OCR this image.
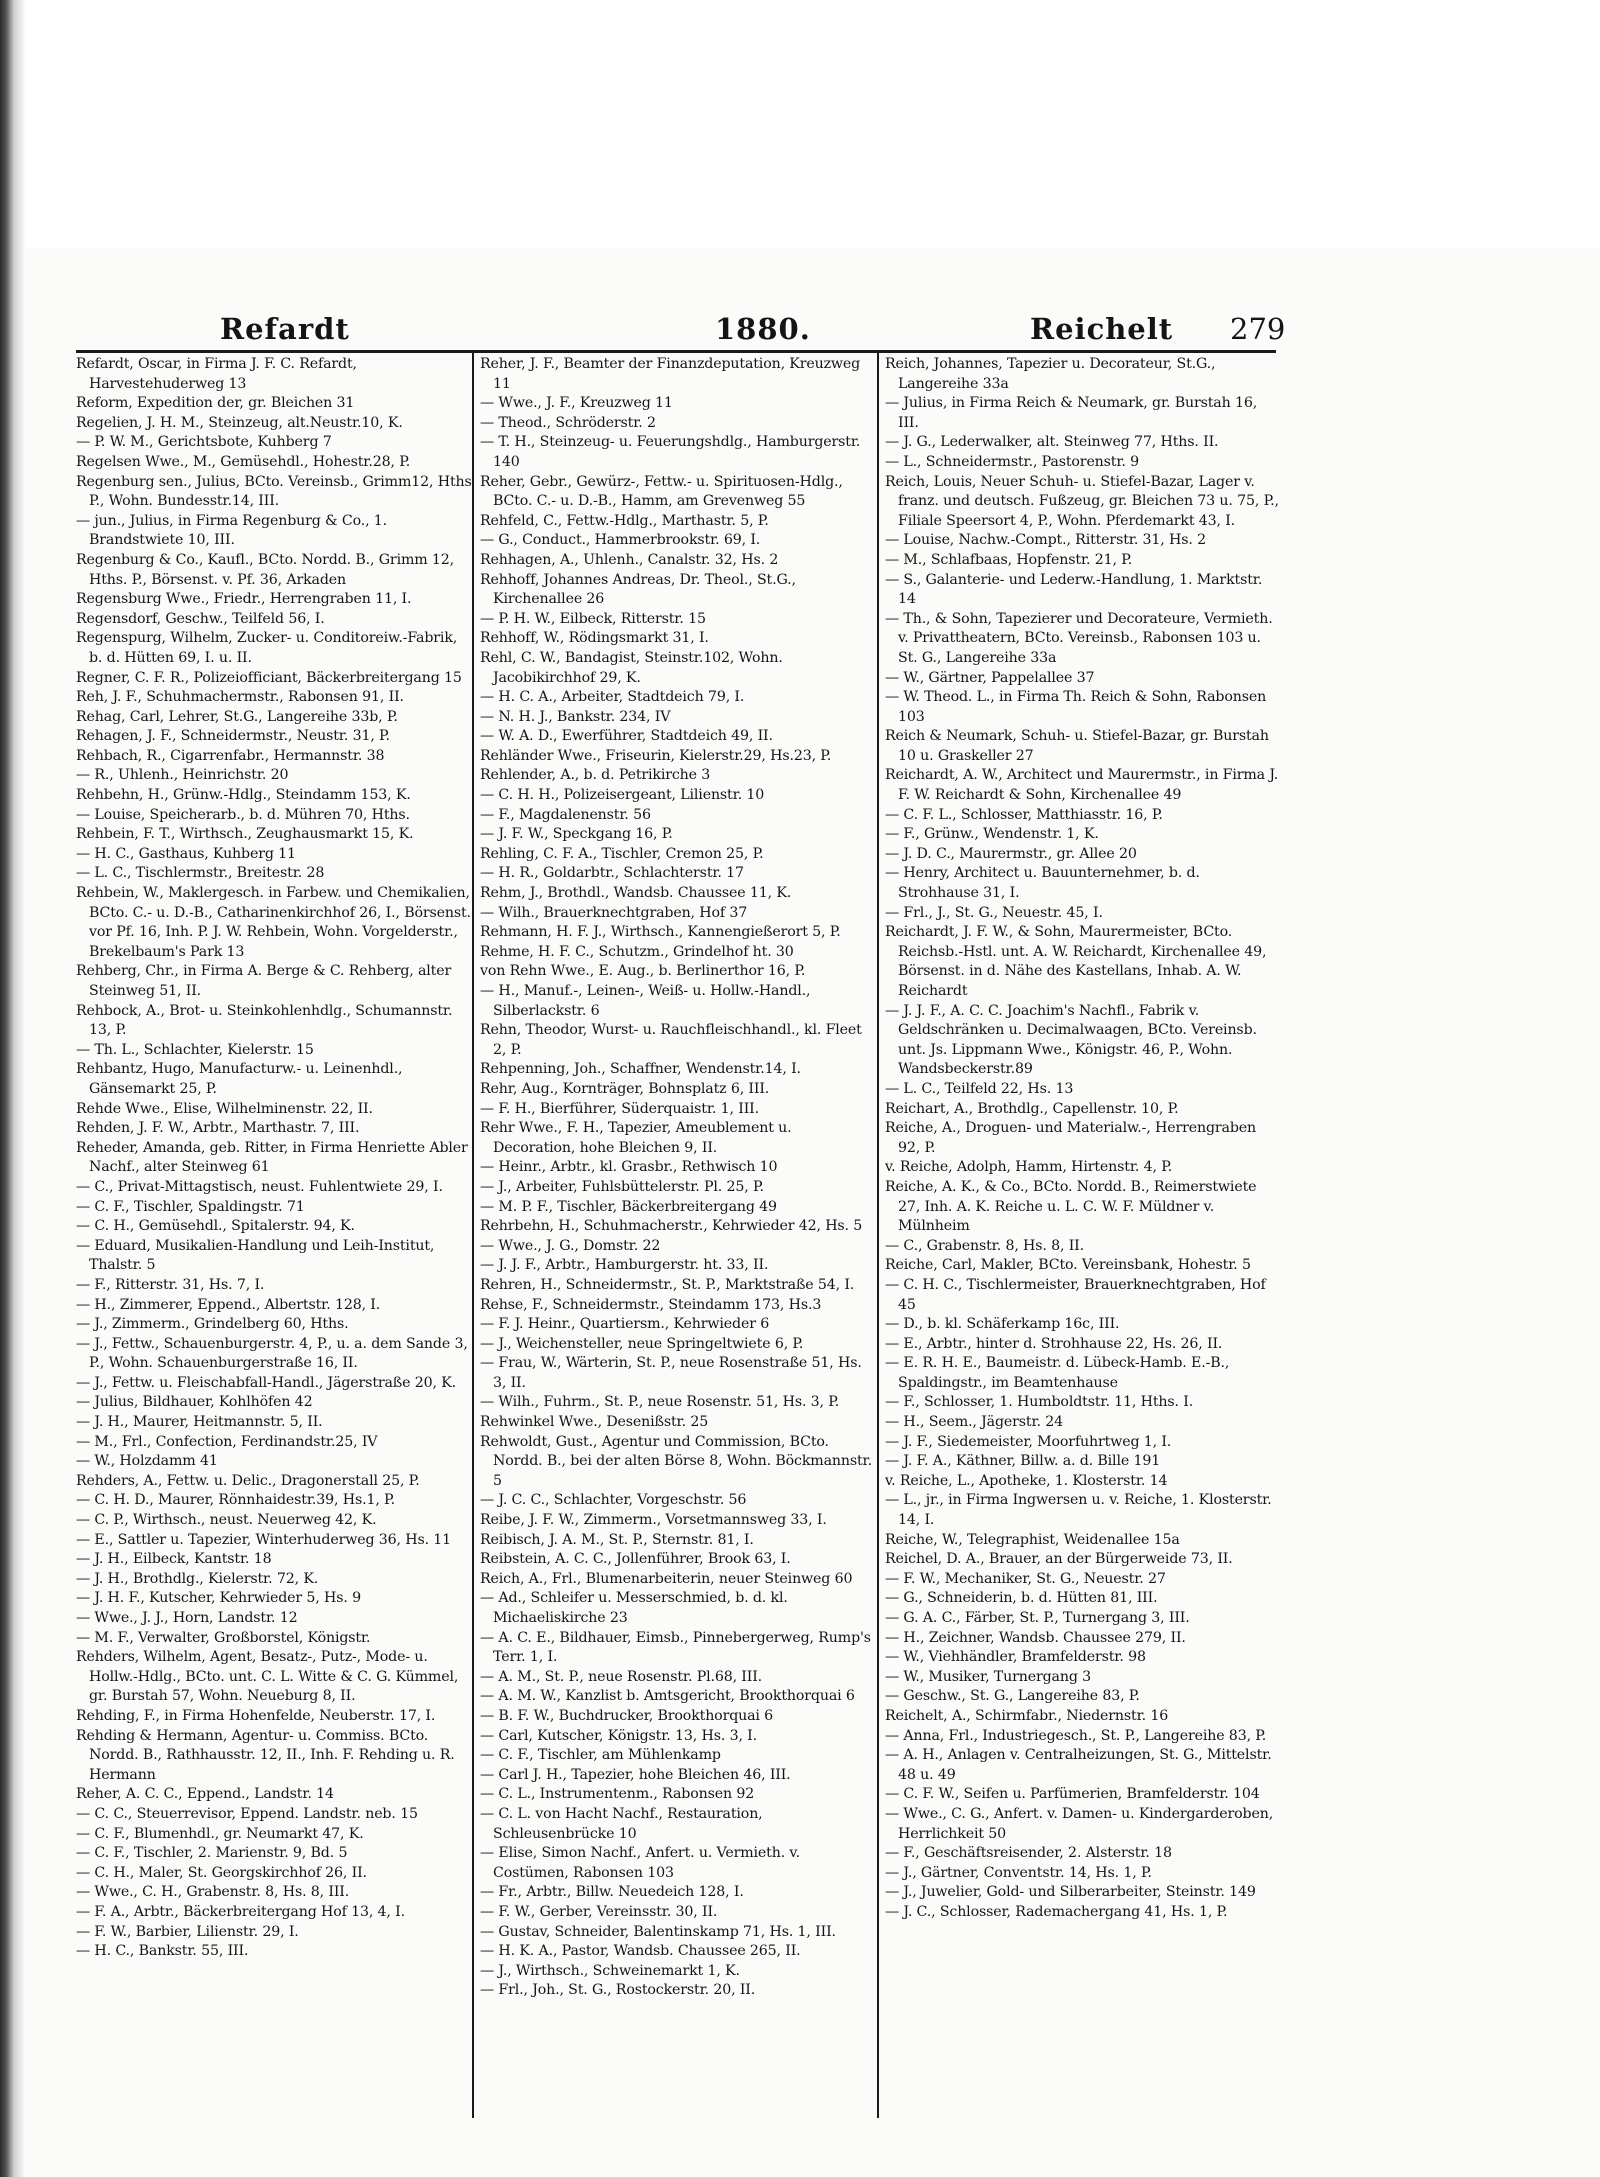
Refardt	1880.	Reichelt 279

Refardt, Oscar, in Firma J. F. C. Refardt, Harvestehuderweg 13

Reform, Expedition der, gr. Bleichen 31

Regelien, J. H. M., Steinzeug, alt.Neustr.10, K.

— P. W. M., Gerichtsbote, Kuhberg 7

Regelsen Wwe., M., Gemüsehdl., Hohestr.28, P.

Regenburg sen., Julius, BCto. Vereinsb., Grimm12, Hths P., Wohn. Bundesstr.14, III.

— jun., Julius, in Firma Regenburg & Co., 1. Brandstwiete 10, III.

Regenburg & Co., Kaufl., BCto. Nordd. B., Grimm 12, Hths. P., Börsenst. v. Pf. 36, Arkaden

Regensburg Wwe., Friedr., Herrengraben 11, I.

Regensdorf, Geschw., Teilfeld 56, I.

Regenspurg, Wilhelm, Zucker- u. Conditoreiw.-Fabrik, b. d. Hütten 69, I. u. II.

Regner, C. F. R., Polizeiofficiant, Bäckerbreitergang 15

Reh, J. F., Schuhmachermstr., Rabonsen 91, II.

Rehag, Carl, Lehrer, St.G., Langereihe 33b, P.

Rehagen, J. F., Schneidermstr., Neustr. 31, P.

Rehbach, R., Cigarrenfabr., Hermannstr. 38

— R., Uhlenh., Heinrichstr. 20

Rehbehn, H., Grünw.-Hdlg., Steindamm 153, K.

— Louise, Speicherarb., b. d. Mühren 70, Hths.

Rehbein, F. T., Wirthsch., Zeughausmarkt 15, K.

— H. C., Gasthaus, Kuhberg 11

— L. C., Tischlermstr., Breitestr. 28

Rehbein, W., Maklergesch. in Farbew. und Chemikalien, BCto. C.- u. D.-B., Catharinenkirchhof 26, I., Börsenst. vor Pf. 16, Inh. P. J. W. Rehbein, Wohn. Vorgelderstr., Brekelbaum's Park 13

Rehberg, Chr., in Firma A. Berge & C. Rehberg, alter Steinweg 51, II.

Rehbock, A., Brot- u. Steinkohlenhdlg., Schumannstr. 13, P.

— Th. L., Schlachter, Kielerstr. 15

Rehbantz, Hugo, Manufacturw.- u. Leinenhdl., Gänsemarkt 25, P.

Rehde Wwe., Elise, Wilhelminenstr. 22, II.

Rehden, J. F. W., Arbtr., Marthastr. 7, III.

Reheder, Amanda, geb. Ritter, in Firma Henriette Abler Nachf., alter Steinweg 61

— C., Privat-Mittagstisch, neust. Fuhlentwiete 29, I.

— C. F., Tischler, Spaldingstr. 71

— C. H., Gemüsehdl., Spitalerstr. 94, K.

— Eduard, Musikalien-Handlung und Leih-Institut, Thalstr. 5

— F., Ritterstr. 31, Hs. 7, I.

— H., Zimmerer, Eppend., Albertstr. 128, I.

— J., Zimmerm., Grindelberg 60, Hths.

— J., Fettw., Schauenburgerstr. 4, P., u. a. dem Sande 3, P., Wohn. Schauenburgerstraße 16, II.

— J., Fettw. u. Fleischabfall-Handl., Jägerstraße 20, K.

— Julius, Bildhauer, Kohlhöfen 42

— J. H., Maurer, Heitmannstr. 5, II.

— M., Frl., Confection, Ferdinandstr.25, IV

— W., Holzdamm 41

Rehders, A., Fettw. u. Delic., Dragonerstall 25, P.

— C. H. D., Maurer, Rönnhaidestr.39, Hs.1, P.

— C. P., Wirthsch., neust. Neuerweg 42, K.

— E., Sattler u. Tapezier, Winterhuderweg 36, Hs. 11

— J. H., Eilbeck, Kantstr. 18

— J. H., Brothdlg., Kielerstr. 72, K.

— J. H. F., Kutscher, Kehrwieder 5, Hs. 9

— Wwe., J. J., Horn, Landstr. 12

— M. F., Verwalter, Großborstel, Königstr.

Rehders, Wilhelm, Agent, Besatz-, Putz-, Mode- u. Hollw.-Hdlg., BCto. unt. C. L. Witte & C. G. Kümmel, gr. Burstah 57, Wohn. Neueburg 8, II.

Rehding, F., in Firma Hohenfelde, Neuberstr. 17, I.

Rehding & Hermann, Agentur- u. Commiss. BCto. Nordd. B., Rathhausstr. 12, II., Inh. F. Rehding u. R. Hermann

Reher, A. C. C., Eppend., Landstr. 14

— C. C., Steuerrevisor, Eppend. Landstr. neb. 15

— C. F., Blumenhdl., gr. Neumarkt 47, K.

— C. F., Tischler, 2. Marienstr. 9, Bd. 5

— C. H., Maler, St. Georgskirchhof 26, II.

— Wwe., C. H., Grabenstr. 8, Hs. 8, III.

— F. A., Arbtr., Bäckerbreitergang Hof 13, 4, I.

— F. W., Barbier, Lilienstr. 29, I.

— H. C., Bankstr. 55, III.

Reher, J. F., Beamter der Finanzdeputation, Kreuzweg 11

— Wwe., J. F., Kreuzweg 11

— Theod., Schröderstr. 2

— T. H., Steinzeug- u. Feuerungshdlg., Hamburgerstr. 140

Reher, Gebr., Gewürz-, Fettw.- u. Spirituosen-Hdlg., BCto. C.- u. D.-B., Hamm, am Grevenweg 55

Rehfeld, C., Fettw.-Hdlg., Marthastr. 5, P.

— G., Conduct., Hammerbrookstr. 69, I.

Rehhagen, A., Uhlenh., Canalstr. 32, Hs. 2

Rehhoff, Johannes Andreas, Dr. Theol., St.G., Kirchenallee 26

— P. H. W., Eilbeck, Ritterstr. 15

Rehhoff, W., Rödingsmarkt 31, I.

Rehl, C. W., Bandagist, Steinstr.102, Wohn. Jacobikirchhof 29, K.

— H. C. A., Arbeiter, Stadtdeich 79, I.

— N. H. J., Bankstr. 234, IV

— W. A. D., Ewerführer, Stadtdeich 49, II.

Rehländer Wwe., Friseurin, Kielerstr.29, Hs.23, P.

Rehlender, A., b. d. Petrikirche 3

— C. H. H., Polizeisergeant, Lilienstr. 10

— F., Magdalenenstr. 56

— J. F. W., Speckgang 16, P.

Rehling, C. F. A., Tischler, Cremon 25, P.

— H. R., Goldarbtr., Schlachterstr. 17

Rehm, J., Brothdl., Wandsb. Chaussee 11, K.

— Wilh., Brauerknechtgraben, Hof 37

Rehmann, H. F. J., Wirthsch., Kannengießerort 5, P.

Rehme, H. F. C., Schutzm., Grindelhof ht. 30

von Rehn Wwe., E. Aug., b. Berlinerthor 16, P.

— H., Manuf.-, Leinen-, Weiß- u. Hollw.-Handl., Silberlackstr. 6

Rehn, Theodor, Wurst- u. Rauchfleischhandl., kl. Fleet 2, P.

Rehpenning, Joh., Schaffner, Wendenstr.14, I.

Rehr, Aug., Kornträger, Bohnsplatz 6, III.

— F. H., Bierführer, Süderquaistr. 1, III.

Rehr Wwe., F. H., Tapezier, Ameublement u. Decoration, hohe Bleichen 9, II.

— Heinr., Arbtr., kl. Grasbr., Rethwisch 10

— J., Arbeiter, Fuhlsbüttelerstr. Pl. 25, P.

— M. P. F., Tischler, Bäckerbreitergang 49

Rehrbehn, H., Schuhmacherstr., Kehrwieder 42, Hs. 5

— Wwe., J. G., Domstr. 22

— J. J. F., Arbtr., Hamburgerstr. ht. 33, II.

Rehren, H., Schneidermstr., St. P., Marktstraße 54, I.

Rehse, F., Schneidermstr., Steindamm 173, Hs.3

— F. J. Heinr., Quartiersm., Kehrwieder 6

— J., Weichensteller, neue Springeltwiete 6, P.

— Frau, W., Wärterin, St. P., neue Rosenstraße 51, Hs. 3, II.

— Wilh., Fuhrm., St. P., neue Rosenstr. 51, Hs. 3, P.

Rehwinkel Wwe., Desenißstr. 25

Rehwoldt, Gust., Agentur und Commission, BCto. Nordd. B., bei der alten Börse 8, Wohn. Böckmannstr. 5

— J. C. C., Schlachter, Vorgeschstr. 56

Reibe, J. F. W., Zimmerm., Vorsetmannsweg 33, I.

Reibisch, J. A. M., St. P., Sternstr. 81, I.

Reibstein, A. C. C., Jollenführer, Brook 63, I.

Reich, A., Frl., Blumenarbeiterin, neuer Steinweg 60

— Ad., Schleifer u. Messerschmied, b. d. kl. Michaeliskirche 23

— A. C. E., Bildhauer, Eimsb., Pinnebergerweg, Rump's Terr. 1, I.

— A. M., St. P., neue Rosenstr. Pl.68, III.

— A. M. W., Kanzlist b. Amtsgericht, Brookthorquai 6

— B. F. W., Buchdrucker, Brookthorquai 6

— Carl, Kutscher, Königstr. 13, Hs. 3, I.

— C. F., Tischler, am Mühlenkamp

— Carl J. H., Tapezier, hohe Bleichen 46, III.

— C. L., Instrumentenm., Rabonsen 92

— C. L. von Hacht Nachf., Restauration, Schleusenbrücke 10

— Elise, Simon Nachf., Anfert. u. Vermieth. v. Costümen, Rabonsen 103

— Fr., Arbtr., Billw. Neuedeich 128, I.

— F. W., Gerber, Vereinsstr. 30, II.

— Gustav, Schneider, Balentinskamp 71, Hs. 1, III.

— H. K. A., Pastor, Wandsb. Chaussee 265, II.

— J., Wirthsch., Schweinemarkt 1, K.

— Frl., Joh., St. G., Rostockerstr. 20, II.

Reich, Johannes, Tapezier u. Decorateur, St.G., Langereihe 33a

— Julius, in Firma Reich & Neumark, gr. Burstah 16, III.

— J. G., Lederwalker, alt. Steinweg 77, Hths. II.

— L., Schneidermstr., Pastorenstr. 9

Reich, Louis, Neuer Schuh- u. Stiefel-Bazar, Lager v. franz. und deutsch. Fußzeug, gr. Bleichen 73 u. 75, P., Filiale Speersort 4, P., Wohn. Pferdemarkt 43, I.

— Louise, Nachw.-Compt., Ritterstr. 31, Hs. 2

— M., Schlafbaas, Hopfenstr. 21, P.

— S., Galanterie- und Lederw.-Handlung, 1. Marktstr. 14

— Th., & Sohn, Tapezierer und Decorateure, Vermieth. v. Privattheatern, BCto. Vereinsb., Rabonsen 103 u. St. G., Langereihe 33a

— W., Gärtner, Pappelallee 37

— W. Theod. L., in Firma Th. Reich & Sohn, Rabonsen 103

Reich & Neumark, Schuh- u. Stiefel-Bazar, gr. Burstah 10 u. Graskeller 27

Reichardt, A. W., Architect und Maurermstr., in Firma J. F. W. Reichardt & Sohn, Kirchenallee 49

— C. F. L., Schlosser, Matthiasstr. 16, P.

— F., Grünw., Wendenstr. 1, K.

— J. D. C., Maurermstr., gr. Allee 20

— Henry, Architect u. Bauunternehmer, b. d. Strohhause 31, I.

— Frl., J., St. G., Neuestr. 45, I.

Reichardt, J. F. W., & Sohn, Maurermeister, BCto. Reichsb.-Hstl. unt. A. W. Reichardt, Kirchenallee 49, Börsenst. in d. Nähe des Kastellans, Inhab. A. W. Reichardt

— J. J. F., A. C. C. Joachim's Nachfl., Fabrik v. Geldschränken u. Decimalwaagen, BCto. Vereinsb. unt. Js. Lippmann Wwe., Königstr. 46, P., Wohn. Wandsbeckerstr.89

— L. C., Teilfeld 22, Hs. 13

Reichart, A., Brothdlg., Capellenstr. 10, P.

Reiche, A., Droguen- und Materialw.-, Herrengraben 92, P.

v. Reiche, Adolph, Hamm, Hirtenstr. 4, P.

Reiche, A. K., & Co., BCto. Nordd. B., Reimerstwiete 27, Inh. A. K. Reiche u. L. C. W. F. Müldner v. Mülnheim

— C., Grabenstr. 8, Hs. 8, II.

Reiche, Carl, Makler, BCto. Vereinsbank, Hohestr. 5

— C. H. C., Tischlermeister, Brauerknechtgraben, Hof 45

— D., b. kl. Schäferkamp 16c, III.

— E., Arbtr., hinter d. Strohhause 22, Hs. 26, II.

— E. R. H. E., Baumeistr. d. Lübeck-Hamb. E.-B., Spaldingstr., im Beamtenhause

— F., Schlosser, 1. Humboldtstr. 11, Hths. I.

— H., Seem., Jägerstr. 24

— J. F., Siedemeister, Moorfuhrtweg 1, I.

— J. F. A., Käthner, Billw. a. d. Bille 191

v. Reiche, L., Apotheke, 1. Klosterstr. 14

— L., jr., in Firma Ingwersen u. v. Reiche, 1. Klosterstr. 14, I.

Reiche, W., Telegraphist, Weidenallee 15a

Reichel, D. A., Brauer, an der Bürgerweide 73, II.

— F. W., Mechaniker, St. G., Neuestr. 27

— G., Schneiderin, b. d. Hütten 81, III.

— G. A. C., Färber, St. P., Turnergang 3, III.

— H., Zeichner, Wandsb. Chaussee 279, II.

— W., Viehhändler, Bramfelderstr. 98

— W., Musiker, Turnergang 3

— Geschw., St. G., Langereihe 83, P.

Reichelt, A., Schirmfabr., Niedernstr. 16

— Anna, Frl., Industriegesch., St. P., Langereihe 83, P.

— A. H., Anlagen v. Centralheizungen, St. G., Mittelstr. 48 u. 49

— C. F. W., Seifen u. Parfümerien, Bramfelderstr. 104

— Wwe., C. G., Anfert. v. Damen- u. Kindergarderoben, Herrlichkeit 50

— F., Geschäftsreisender, 2. Alsterstr. 18

— J., Gärtner, Conventstr. 14, Hs. 1, P.

— J., Juwelier, Gold- und Silberarbeiter, Steinstr. 149

— J. C., Schlosser, Rademachergang 41, Hs. 1, P.
